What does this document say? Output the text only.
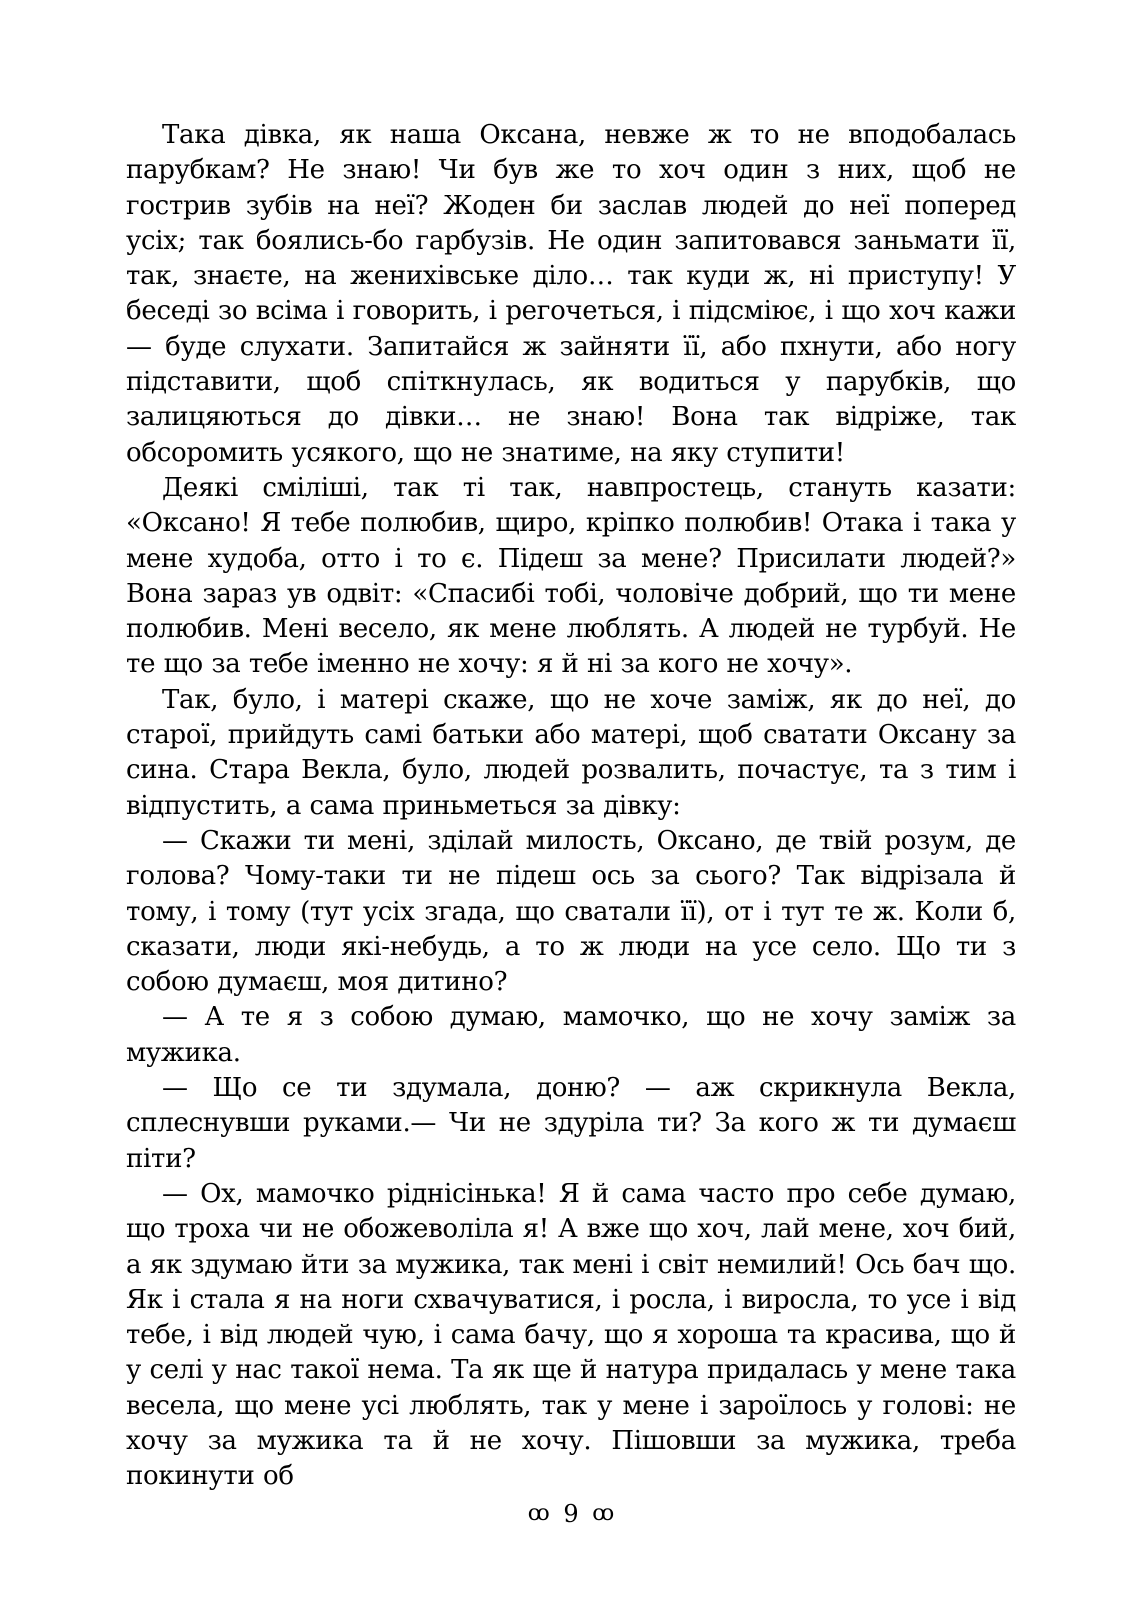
Така дівка, як наша Оксана, невже ж то не вподобалась парубкам? Не знаю! Чи був же то хоч один з них, щоб не гострив зубів на неї? Жоден би заслав людей до неї поперед усіх; так боялись-бо гарбузів. Не один запитовався заньмати її, так, знаєте, на женихівське діло… так куди ж, ні приступу! У беседі зо всіма і говорить, і регочеться, і підсміює, і що хоч кажи — буде слухати. Запитайся ж зайняти її, або пхнути, або ногу підставити, щоб спіткнулась, як водиться у парубків, що залицяються до дівки… не знаю! Вона так відріже, так обсоромить усякого, що не знатиме, на яку ступити!

Деякі сміліші, так ті так, навпростець, стануть казати: «Оксано! Я тебе полюбив, щиро, кріпко полюбив! Отака і така у мене худоба, отто і то є. Підеш за мене? Присилати людей?» Вона зараз ув одвіт: «Спасибі тобі, чоловіче добрий, що ти мене полюбив. Мені весело, як мене люблять. А людей не турбуй. Не те що за тебе іменно не хочу: я й ні за кого не хочу».

Так, було, і матері скаже, що не хоче заміж, як до неї, до старої, прийдуть самі батьки або матері, щоб сватати Оксану за сина. Стара Векла, було, людей розвалить, почастує, та з тим і відпустить, а сама приньметься за дівку:

— Скажи ти мені, зділай милость, Оксано, де твій розум, де голова? Чому-таки ти не підеш ось за сього? Так відрізала й тому, і тому (тут усіх згада, що сватали її), от і тут те ж. Коли б, сказати, люди які-небудь, а то ж люди на усе село. Що ти з собою думаєш, моя дитино?

— А те я з собою думаю, мамочко, що не хочу заміж за мужика.

— Що се ти здумала, доню? — аж скрикнула Векла, сплеснувши руками.— Чи не здуріла ти? За кого ж ти думаєш піти?

— Ох, мамочко ріднісінька! Я й сама часто про себе думаю, що троха чи не обожеволіла я! А вже що хоч, лай мене, хоч бий, а як здумаю йти за мужика, так мені і світ немилий! Ось бач що. Як і стала я на ноги схвачуватися, і росла, і виросла, то усе і від тебе, і від людей чую, і сама бачу, що я хороша та красива, що й у селі у нас такої нема. Та як ще й натура придалась у мене така весела, що мене усі люблять, так у мене і зароїлось у голові: не хочу за мужика та й не хочу. Пішовши за мужика, треба покинути об

ꝏ 9 ꝏ
